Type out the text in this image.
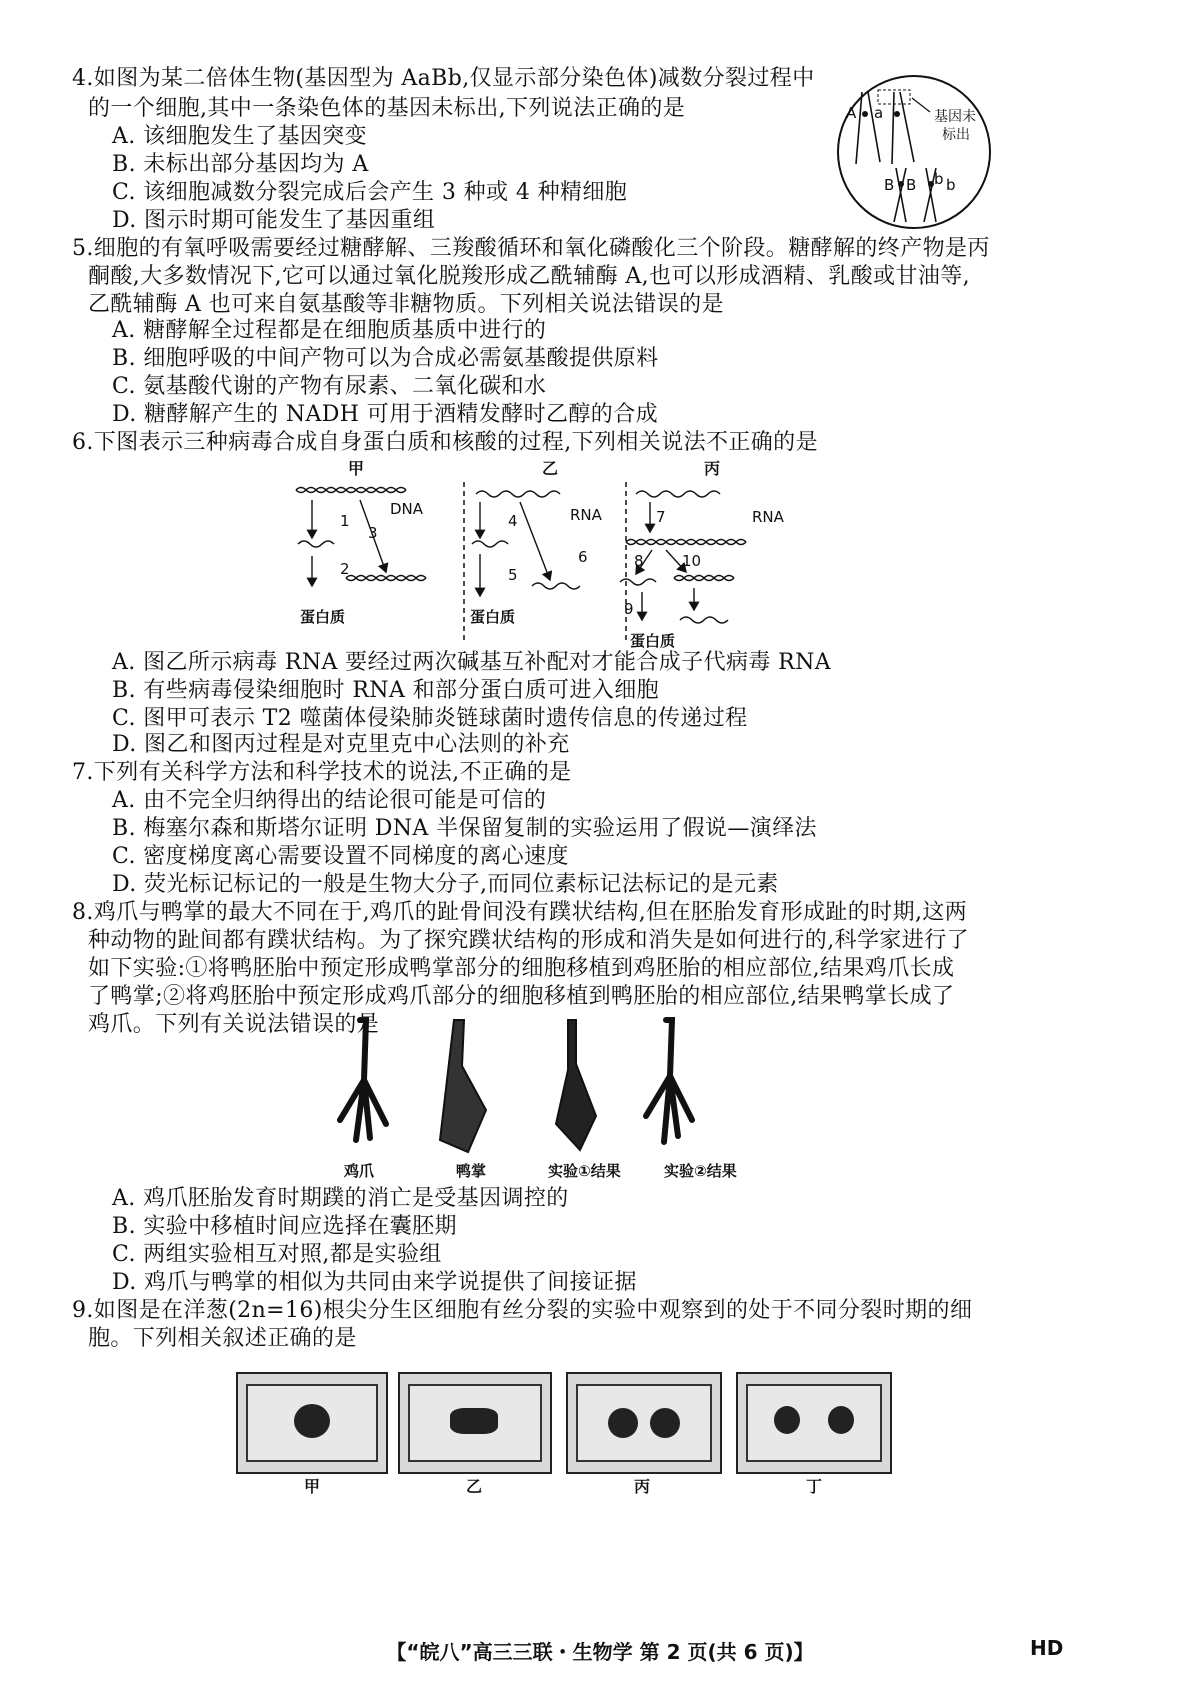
4.如图为某二倍体生物(基因型为 AaBb,仅显示部分染色体)减数分裂过程中
的一个细胞,其中一条染色体的基因未标出,下列说法正确的是
A. 该细胞发生了基因突变
B. 未标出部分基因均为 A
C. 该细胞减数分裂完成后会产生 3 种或 4 种精细胞
D. 图示时期可能发生了基因重组
A a	基因未
标出
B B b b
5.细胞的有氧呼吸需要经过糖酵解、三羧酸循环和氧化磷酸化三个阶段。糖酵解的终产物是丙
酮酸,大多数情况下,它可以通过氧化脱羧形成乙酰辅酶 A,也可以形成酒精、乳酸或甘油等,
乙酰辅酶 A 也可来自氨基酸等非糖物质。下列相关说法错误的是
A. 糖酵解全过程都是在细胞质基质中进行的
B. 细胞呼吸的中间产物可以为合成必需氨基酸提供原料
C. 氨基酸代谢的产物有尿素、二氧化碳和水
D. 糖酵解产生的 NADH 可用于酒精发酵时乙醇的合成
6.下图表示三种病毒合成自身蛋白质和核酸的过程,下列相关说法不正确的是
甲	乙	丙
DNA	RNA	RNA
1
2
3
4
5
6
7
8	10
9
蛋白质	蛋白质
蛋白质
A. 图乙所示病毒 RNA 要经过两次碱基互补配对才能合成子代病毒 RNA
B. 有些病毒侵染细胞时 RNA 和部分蛋白质可进入细胞
C. 图甲可表示 T2 噬菌体侵染肺炎链球菌时遗传信息的传递过程
D. 图乙和图丙过程是对克里克中心法则的补充
7.下列有关科学方法和科学技术的说法,不正确的是
A. 由不完全归纳得出的结论很可能是可信的
B. 梅塞尔森和斯塔尔证明 DNA 半保留复制的实验运用了假说—演绎法
C. 密度梯度离心需要设置不同梯度的离心速度
D. 荧光标记标记的一般是生物大分子,而同位素标记法标记的是元素
8.鸡爪与鸭掌的最大不同在于,鸡爪的趾骨间没有蹼状结构,但在胚胎发育形成趾的时期,这两
种动物的趾间都有蹼状结构。为了探究蹼状结构的形成和消失是如何进行的,科学家进行了
如下实验:①将鸭胚胎中预定形成鸭掌部分的细胞移植到鸡胚胎的相应部位,结果鸡爪长成
了鸭掌;②将鸡胚胎中预定形成鸡爪部分的细胞移植到鸭胚胎的相应部位,结果鸭掌长成了
鸡爪。下列有关说法错误的是
鸡爪	鸭掌	实验①结果	实验②结果
A. 鸡爪胚胎发育时期蹼的消亡是受基因调控的
B. 实验中移植时间应选择在囊胚期
C. 两组实验相互对照,都是实验组
D. 鸡爪与鸭掌的相似为共同由来学说提供了间接证据
9.如图是在洋葱(2n=16)根尖分生区细胞有丝分裂的实验中观察到的处于不同分裂时期的细
胞。下列相关叙述正确的是
甲	乙	丙	丁
【“皖八”高三三联・生物学 第 2 页(共 6 页)】	HD
